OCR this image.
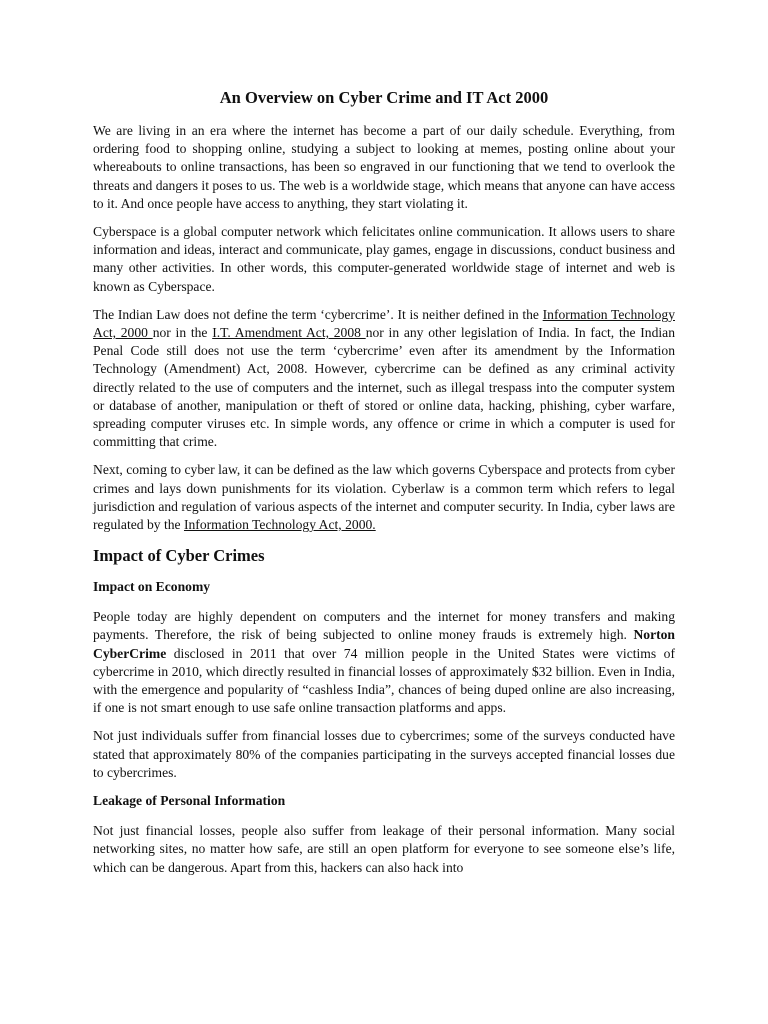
An Overview on Cyber Crime and IT Act 2000

We are living in an era where the internet has become a part of our daily schedule. Everything, from ordering food to shopping online, studying a subject to looking at memes, posting online about your whereabouts to online transactions, has been so engraved in our functioning that we tend to overlook the threats and dangers it poses to us. The web is a worldwide stage, which means that anyone can have access to it. And once people have access to anything, they start violating it.

Cyberspace is a global computer network which felicitates online communication. It allows users to share information and ideas, interact and communicate, play games, engage in discussions, conduct business and many other activities. In other words, this computer-generated worldwide stage of internet and web is known as Cyberspace.

The Indian Law does not define the term ‘cybercrime’. It is neither defined in the Information Technology Act, 2000 nor in the I.T. Amendment Act, 2008 nor in any other legislation of India. In fact, the Indian Penal Code still does not use the term ‘cybercrime’ even after its amendment by the Information Technology (Amendment) Act, 2008. However, cybercrime can be defined as any criminal activity directly related to the use of computers and the internet, such as illegal trespass into the computer system or database of another, manipulation or theft of stored or online data, hacking, phishing, cyber warfare, spreading computer viruses etc. In simple words, any offence or crime in which a computer is used for committing that crime.

Next, coming to cyber law, it can be defined as the law which governs Cyberspace and protects from cyber crimes and lays down punishments for its violation. Cyberlaw is a common term which refers to legal jurisdiction and regulation of various aspects of the internet and computer security. In India, cyber laws are regulated by the Information Technology Act, 2000.

Impact of Cyber Crimes
Impact on Economy

People today are highly dependent on computers and the internet for money transfers and making payments. Therefore, the risk of being subjected to online money frauds is extremely high. Norton CyberCrime disclosed in 2011 that over 74 million people in the United States were victims of cybercrime in 2010, which directly resulted in financial losses of approximately $32 billion. Even in India, with the emergence and popularity of “cashless India”, chances of being duped online are also increasing, if one is not smart enough to use safe online transaction platforms and apps.

Not just individuals suffer from financial losses due to cybercrimes; some of the surveys conducted have stated that approximately 80% of the companies participating in the surveys accepted financial losses due to cybercrimes.

Leakage of Personal Information

Not just financial losses, people also suffer from leakage of their personal information. Many social networking sites, no matter how safe, are still an open platform for everyone to see someone else’s life, which can be dangerous. Apart from this, hackers can also hack into
